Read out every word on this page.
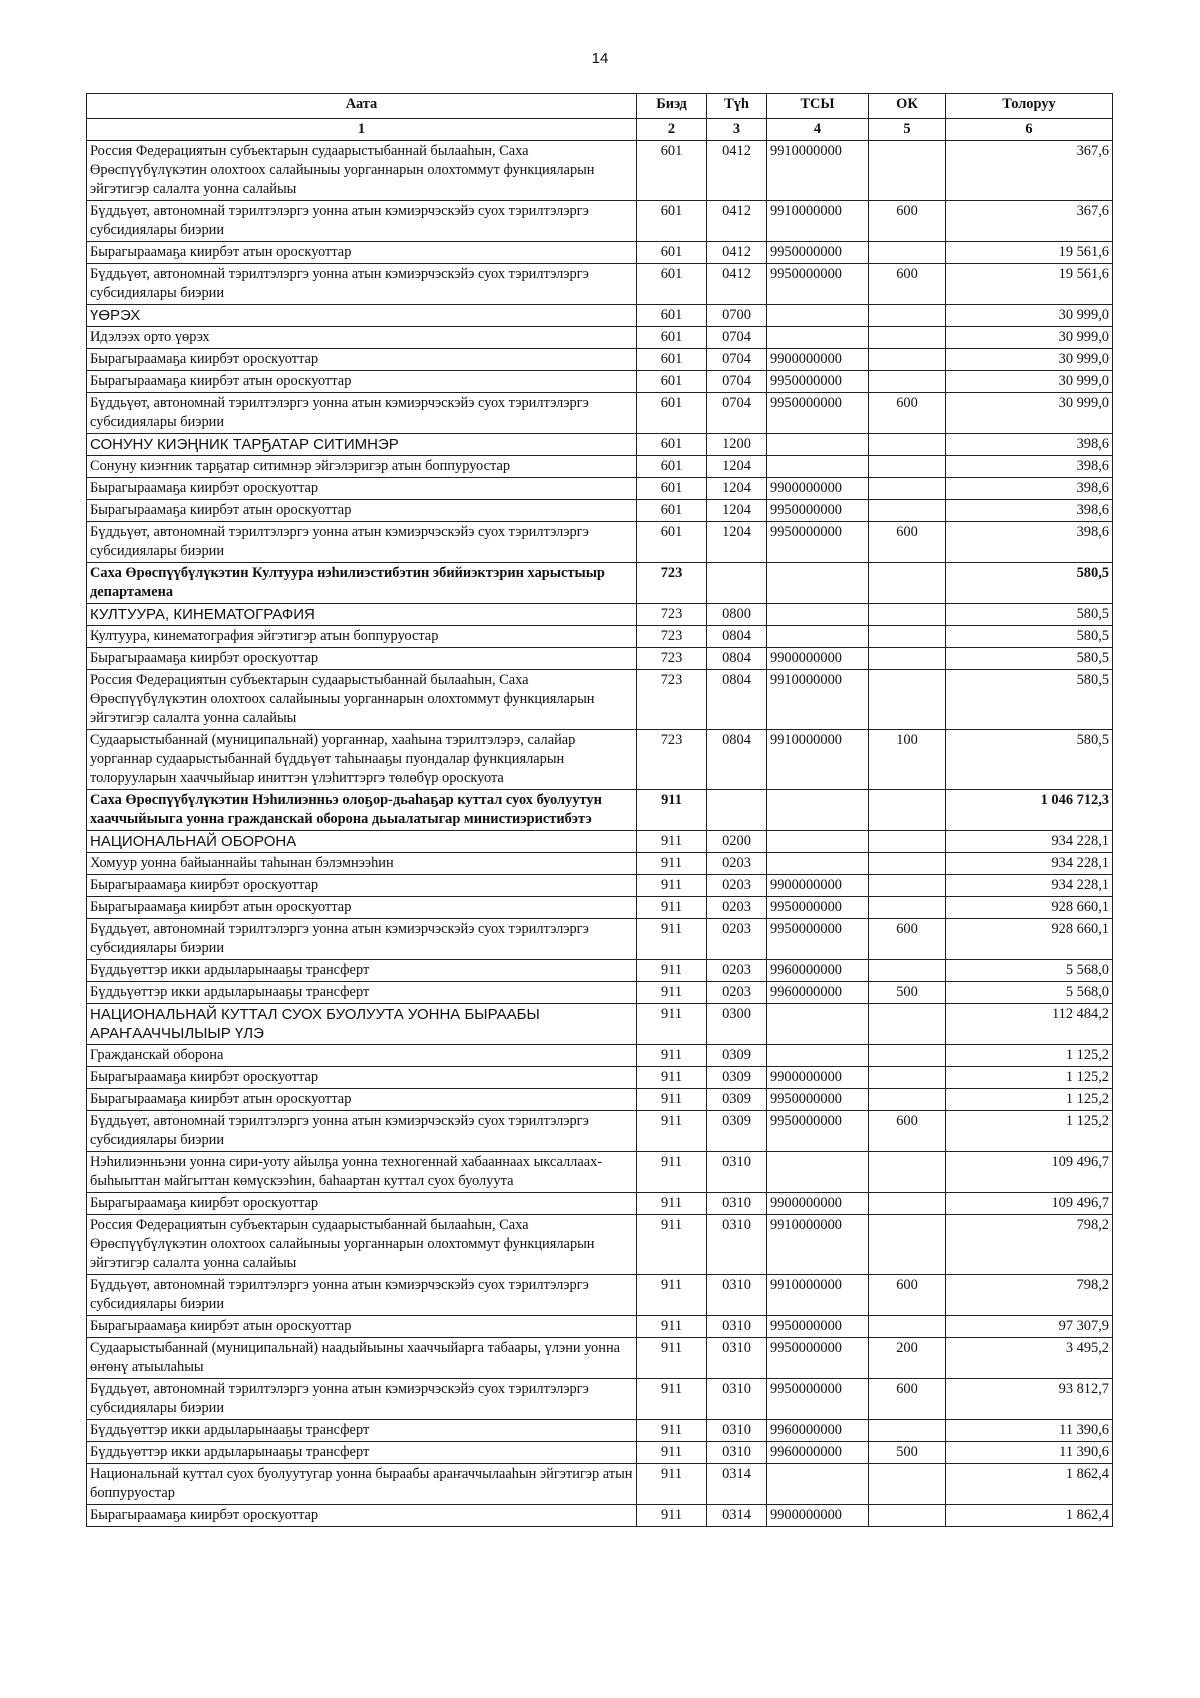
14
Аата	Биэд	Түһ	ТСЫ	ОК	Толоруу
1	2	3	4	5	6
Россия Федерациятын субъектарын судаарыстыбаннай былааһын, Саха Өрөспүүбүлүкэтин олохтоох салайыныы уорганнарын олохтоммут функцияларын эйгэтигэр салалта уонна салайыы	601	0412	9910000000		367,6
Бүддьүөт, автономнай тэрилтэлэргэ уонна атын кэмиэрчэскэйэ суох тэрилтэлэргэ субсидиялары биэрии	601	0412	9910000000	600	367,6
Бырагыраамаҕа киирбэт атын ороскуоттар	601	0412	9950000000		19 561,6
Бүддьүөт, автономнай тэрилтэлэргэ уонна атын кэмиэрчэскэйэ суох тэрилтэлэргэ субсидиялары биэрии	601	0412	9950000000	600	19 561,6
ҮӨРЭХ	601	0700			30 999,0
Идэлээх орто үөрэх	601	0704			30 999,0
Бырагыраамаҕа киирбэт ороскуоттар	601	0704	9900000000		30 999,0
Бырагыраамаҕа киирбэт атын ороскуоттар	601	0704	9950000000		30 999,0
Бүддьүөт, автономнай тэрилтэлэргэ уонна атын кэмиэрчэскэйэ суох тэрилтэлэргэ субсидиялары биэрии	601	0704	9950000000	600	30 999,0
СОНУНУ КИЭҢНИК ТАРҔАТАР СИТИМНЭР	601	1200			398,6
Сонуну киэҥник тарҕатар ситимнэр эйгэлэригэр атын боппуруостар	601	1204			398,6
Бырагыраамаҕа киирбэт ороскуоттар	601	1204	9900000000		398,6
Бырагыраамаҕа киирбэт атын ороскуоттар	601	1204	9950000000		398,6
Бүддьүөт, автономнай тэрилтэлэргэ уонна атын кэмиэрчэскэйэ суох тэрилтэлэргэ субсидиялары биэрии	601	1204	9950000000	600	398,6
Саха Өрөспүүбүлүкэтин Култуура нэһилиэстибэтин эбийиэктэрин харыстыыр департамена	723				580,5
КУЛТУУРА, КИНЕМАТОГРАФИЯ	723	0800			580,5
Култуура, кинематография эйгэтигэр атын боппуруостар	723	0804			580,5
Бырагыраамаҕа киирбэт ороскуоттар	723	0804	9900000000		580,5
Россия Федерациятын субъектарын судаарыстыбаннай былааһын, Саха Өрөспүүбүлүкэтин олохтоох салайыныы уорганнарын олохтоммут функцияларын эйгэтигэр салалта уонна салайыы	723	0804	9910000000		580,5
Судаарыстыбаннай (муниципальнай) уорганнар, хааһына тэрилтэлэрэ, салайар уорганнар судаарыстыбаннай бүддьүөт таһынааҕы пуондалар функцияларын толорууларын хааччыйыар иниттэн үлэһиттэргэ төлөбүр ороскуота	723	0804	9910000000	100	580,5
Саха Өрөспүүбүлүкэтин Нэһилиэнньэ олоҕор-дьаһаҕар куттал суох буолуутун хааччыйыыга уонна гражданскай оборона дьыалатыгар министиэристибэтэ	911				1 046 712,3
НАЦИОНАЛЬНАЙ ОБОРОНА	911	0200			934 228,1
Хомуур уонна байыаннайы таһынан бэлэмнээһин	911	0203			934 228,1
Бырагыраамаҕа киирбэт ороскуоттар	911	0203	9900000000		934 228,1
Бырагыраамаҕа киирбэт атын ороскуоттар	911	0203	9950000000		928 660,1
Бүддьүөт, автономнай тэрилтэлэргэ уонна атын кэмиэрчэскэйэ суох тэрилтэлэргэ субсидиялары биэрии	911	0203	9950000000	600	928 660,1
Бүддьүөттэр икки ардыларынааҕы трансферт	911	0203	9960000000		5 568,0
Бүддьүөттэр икки ардыларынааҕы трансферт	911	0203	9960000000	500	5 568,0
НАЦИОНАЛЬНАЙ КУТТАЛ СУОХ БУОЛУУТА УОННА БЫРААБЫ АРАҤААЧЧЫЛЫЫР ҮЛЭ	911	0300			112 484,2
Гражданскай оборона	911	0309			1 125,2
Бырагыраамаҕа киирбэт ороскуоттар	911	0309	9900000000		1 125,2
Бырагыраамаҕа киирбэт атын ороскуоттар	911	0309	9950000000		1 125,2
Бүддьүөт, автономнай тэрилтэлэргэ уонна атын кэмиэрчэскэйэ суох тэрилтэлэргэ субсидиялары биэрии	911	0309	9950000000	600	1 125,2
Нэһилиэнньэни уонна сири-уоту айылҕа уонна техногеннай хабааннаах ыксаллаах-быһыыттан майгыттан көмүскээһин, баһаартан куттал суох буолуута	911	0310			109 496,7
Бырагыраамаҕа киирбэт ороскуоттар	911	0310	9900000000		109 496,7
Россия Федерациятын субъектарын судаарыстыбаннай былааһын, Саха Өрөспүүбүлүкэтин олохтоох салайыныы уорганнарын олохтоммут функцияларын эйгэтигэр салалта уонна салайыы	911	0310	9910000000		798,2
Бүддьүөт, автономнай тэрилтэлэргэ уонна атын кэмиэрчэскэйэ суох тэрилтэлэргэ субсидиялары биэрии	911	0310	9910000000	600	798,2
Бырагыраамаҕа киирбэт атын ороскуоттар	911	0310	9950000000		97 307,9
Судаарыстыбаннай (муниципальнай) наадыйыыны хааччыйарга табаары, үлэни уонна өҥөнү атыылаһыы	911	0310	9950000000	200	3 495,2
Бүддьүөт, автономнай тэрилтэлэргэ уонна атын кэмиэрчэскэйэ суох тэрилтэлэргэ субсидиялары биэрии	911	0310	9950000000	600	93 812,7
Бүддьүөттэр икки ардыларынааҕы трансферт	911	0310	9960000000		11 390,6
Бүддьүөттэр икки ардыларынааҕы трансферт	911	0310	9960000000	500	11 390,6
Национальнай куттал суох буолуутугар уонна быраабы араҥаччылааһын эйгэтигэр атын боппуруостар	911	0314			1 862,4
Бырагыраамаҕа киирбэт ороскуоттар	911	0314	9900000000		1 862,4
